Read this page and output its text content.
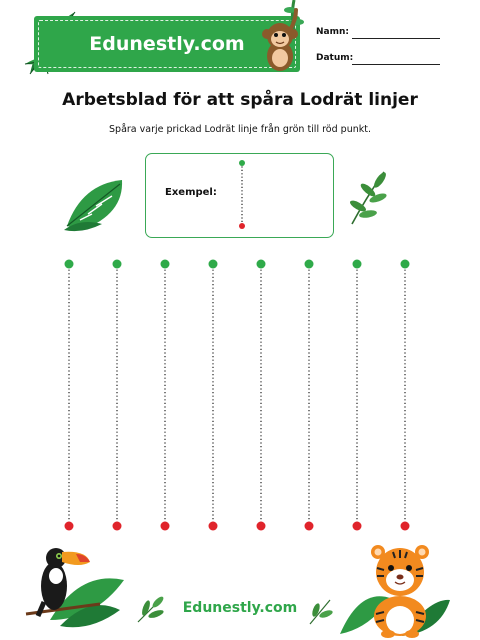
Edunestly.com
Namn:
Datum:
Arbetsblad för att spåra Lodrät linjer
Spåra varje prickad Lodrät linje från grön till röd punkt.
Exempel:
Edunestly.com
